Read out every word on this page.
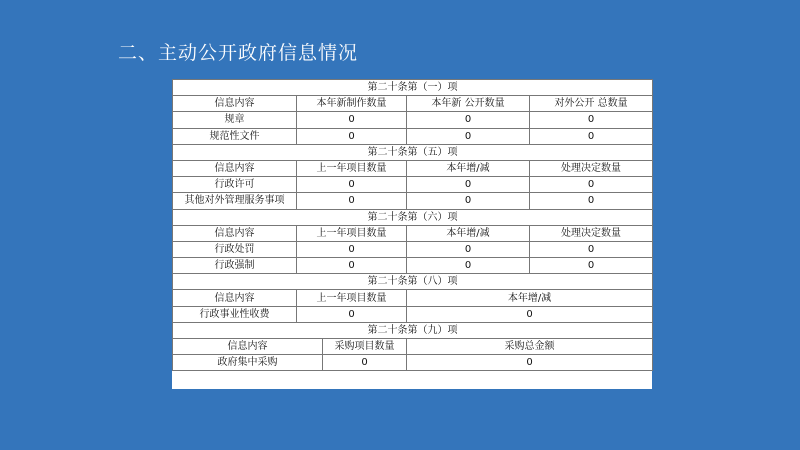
二、主动公开政府信息情况
第二十条第（一）项				
信息内容	本年新制作数量		本年新 公开数量	对外公开 总数量
规章	0		0	0
规范性文件	0		0	0
第二十条第（五）项				
信息内容	上一年项目数量		本年增/减	处理决定数量
行政许可	0		0	0
其他对外管理服务事项	0		0	0
第二十条第（六）项				
信息内容	上一年项目数量		本年增/减	处理决定数量
行政处罚	0		0	0
行政强制	0		0	0
第二十条第（八）项				
信息内容	上一年项目数量		本年增/减	
行政事业性收费	0		0	
第二十条第（九）项				
信息内容		采购项目数量	采购总金额	
政府集中采购		0	0	
